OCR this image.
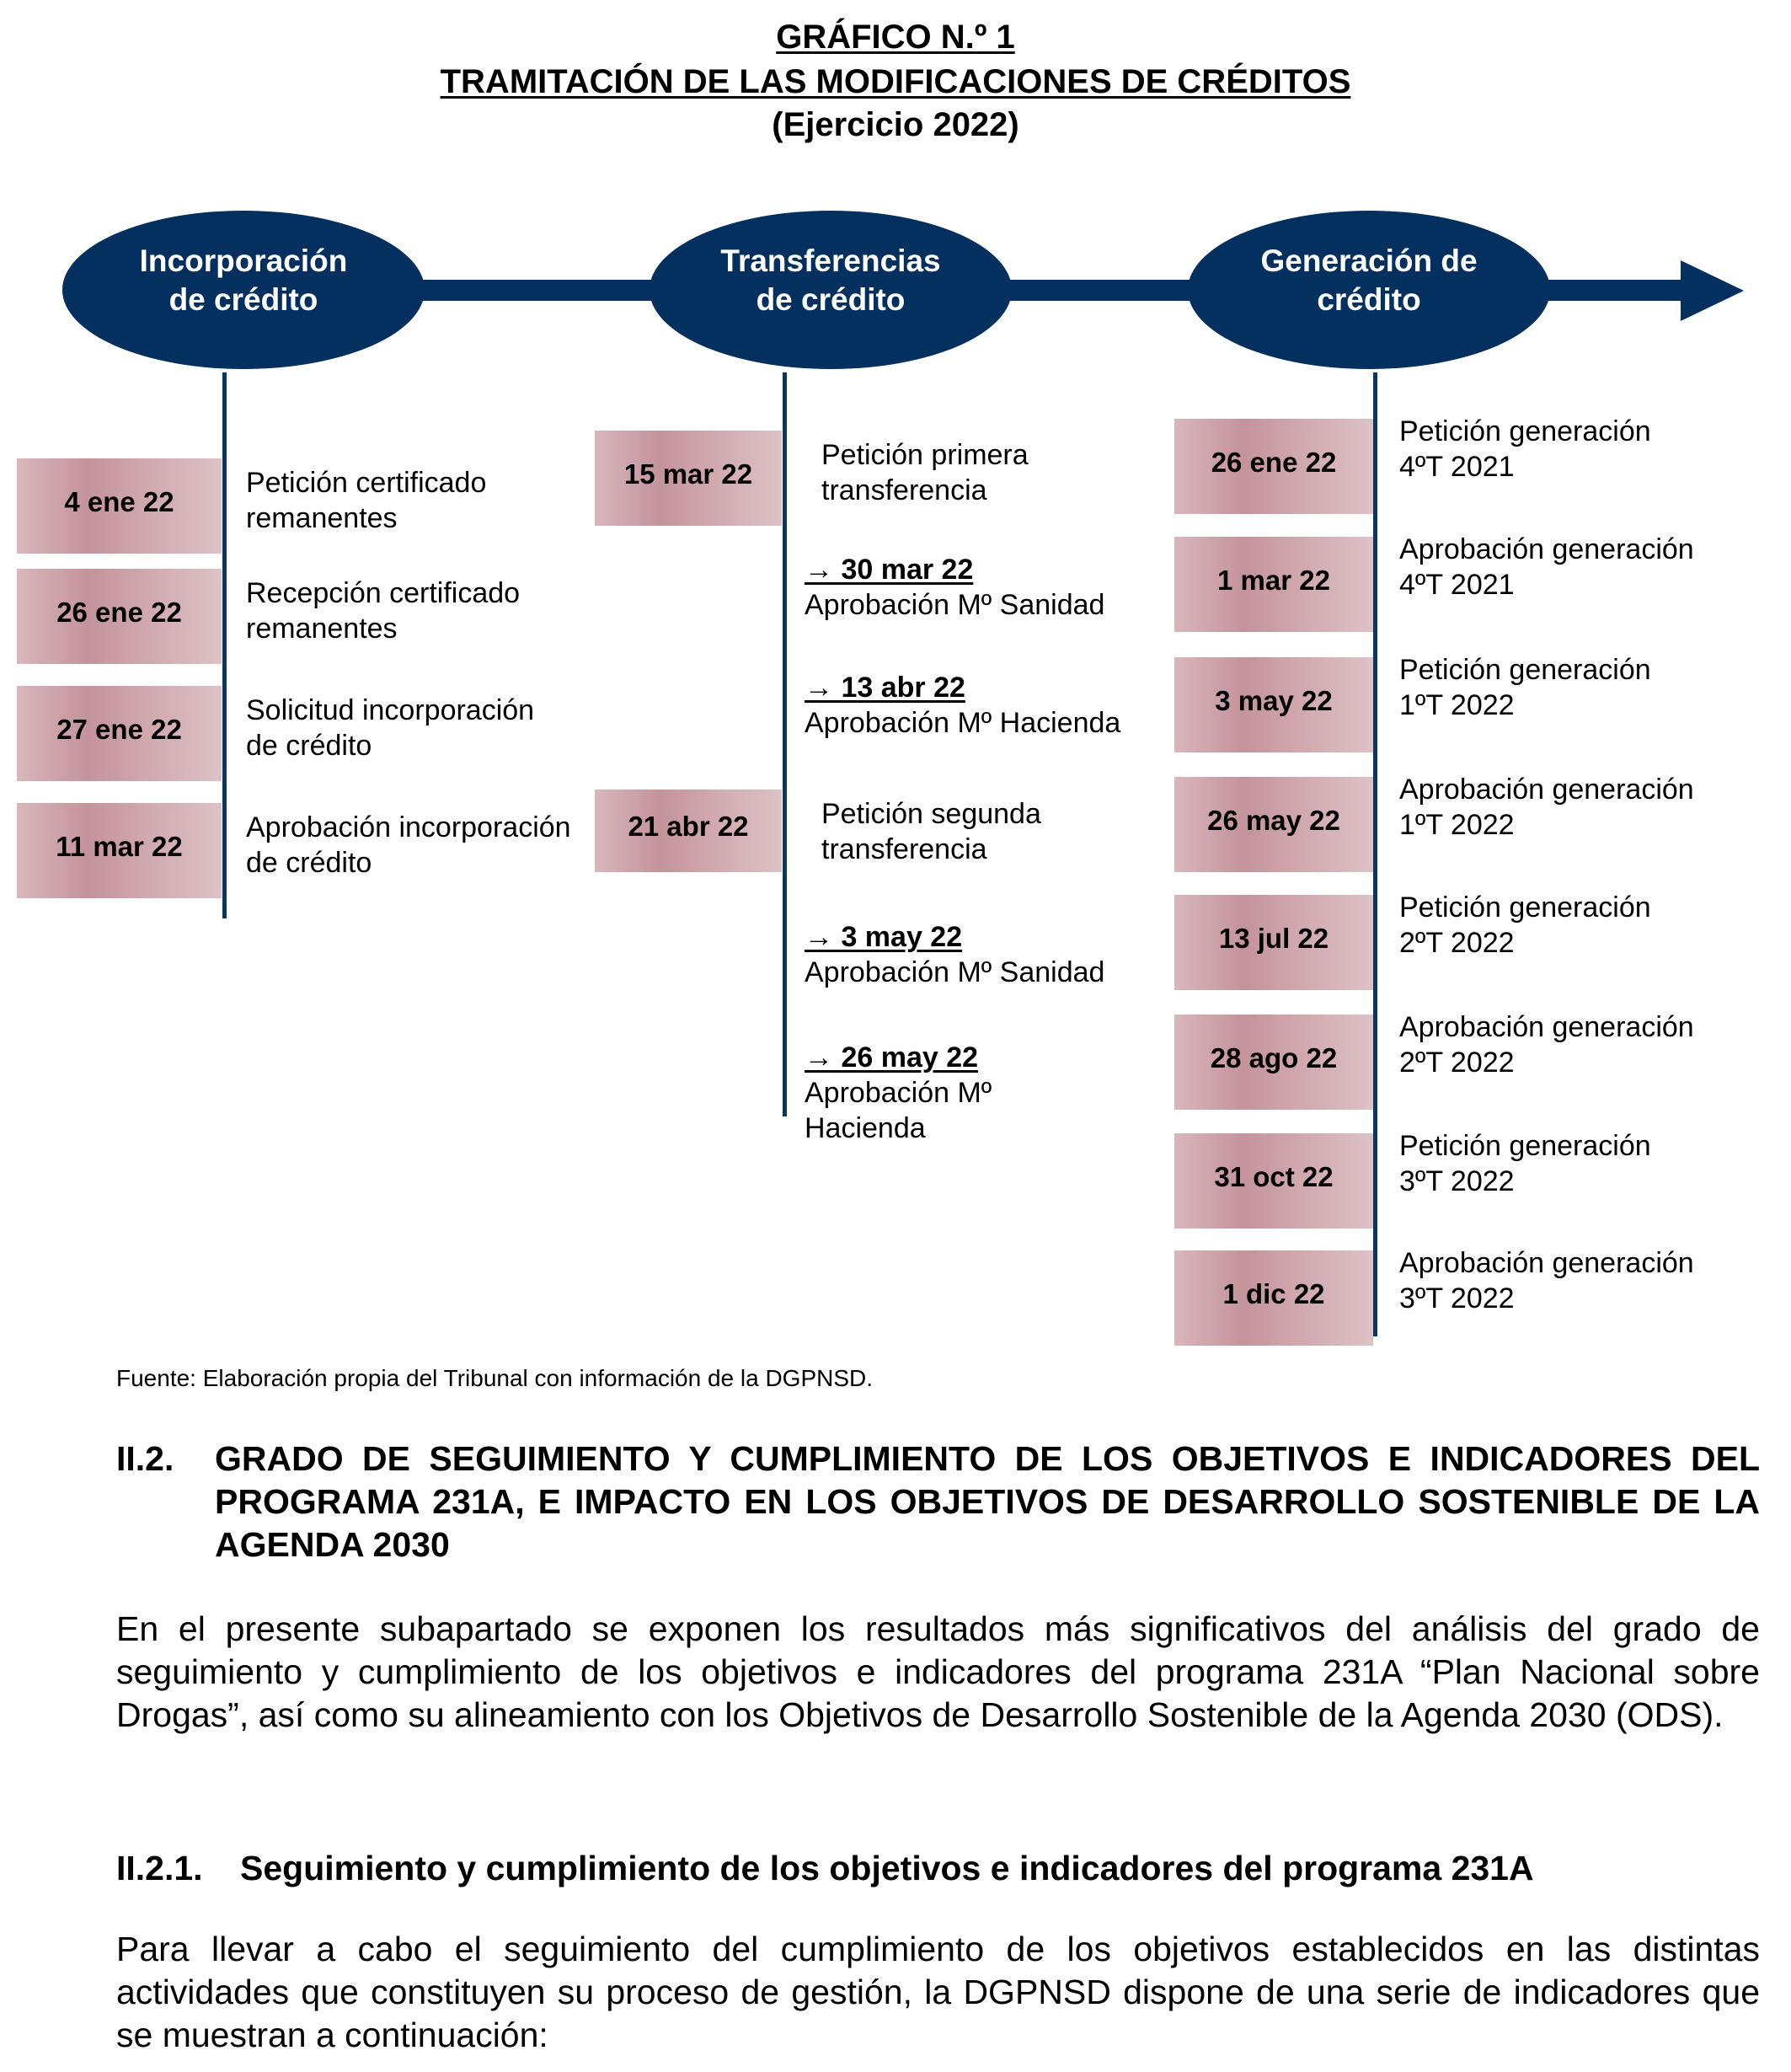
GRÁFICO N.º 1
TRAMITACIÓN DE LAS MODIFICACIONES DE CRÉDITOS
(Ejercicio 2022)
Incorporación
de crédito
4 ene 22
Petición certificado
remanentes
26 ene 22
Recepción certificado
remanentes
27 ene 22
Solicitud incorporación
de crédito
11 mar 22
Aprobación incorporación
de crédito
Transferencias
de crédito
15 mar 22
Petición primera
transferencia
21 abr 22	Petición segunda
transferencia
→ 30 mar 22
Aprobación Mº Sanidad
→ 13 abr 22
Aprobación Mº Hacienda
→ 3 may 22
Aprobación Mº Sanidad
→ 26 may 22
Aprobación Mº
Hacienda
Generación de
crédito
26 ene 22
Petición generación
4ºT 2021
1 mar 22
Aprobación generación
4ºT 2021
3 may 22
Petición generación
1ºT 2022
26 may 22
Aprobación generación
1ºT 2022
13 jul 22
Petición generación
2ºT 2022
28 ago 22
Aprobación generación
2ºT 2022
31 oct 22
Petición generación
3ºT 2022
1 dic 22
Aprobación generación
3ºT 2022
Fuente: Elaboración propia del Tribunal con información de la DGPNSD.
II.2. GRADO DE SEGUIMIENTO Y CUMPLIMIENTO DE LOS OBJETIVOS E INDICADORES DEL PROGRAMA 231A, E IMPACTO EN LOS OBJETIVOS DE DESARROLLO SOSTENIBLE DE LA AGENDA 2030
En el presente subapartado se exponen los resultados más significativos del análisis del grado de seguimiento y cumplimiento de los objetivos e indicadores del programa 231A “Plan Nacional sobre Drogas”, así como su alineamiento con los Objetivos de Desarrollo Sostenible de la Agenda 2030 (ODS).
II.2.1. Seguimiento y cumplimiento de los objetivos e indicadores del programa 231A
Para llevar a cabo el seguimiento del cumplimiento de los objetivos establecidos en las distintas actividades que constituyen su proceso de gestión, la DGPNSD dispone de una serie de indicadores que se muestran a continuación:
